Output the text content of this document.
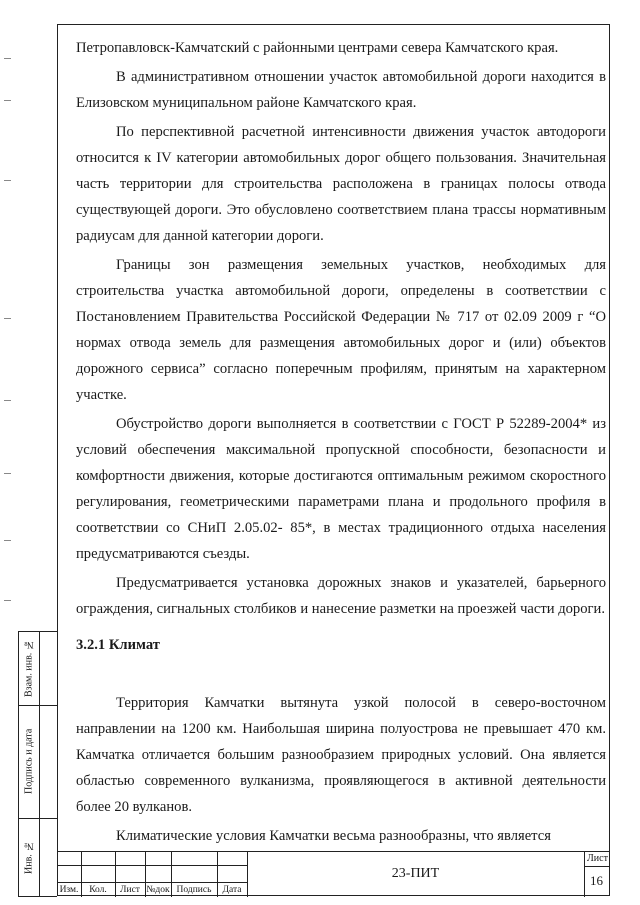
Петропавловск-Камчатский с районными центрами севера Камчатского края.

В административном отношении участок автомобильной дороги находится в Елизовском муниципальном районе Камчатского края.

По перспективной расчетной интенсивности движения участок автодороги относится к IV категории автомобильных дорог общего пользования. Значительная часть территории для строительства расположена в границах полосы отвода существующей дороги. Это обусловлено соответствием плана трассы нормативным радиусам для данной категории дороги.

Границы зон размещения земельных участков, необходимых для строительства участка автомобильной дороги, определены в соответствии с Постановлением Правительства Российской Федерации № 717 от 02.09 2009 г “О нормах отвода земель для размещения автомобильных дорог и (или) объектов дорожного сервиса” согласно поперечным профилям, принятым на характерном участке.

Обустройство дороги выполняется в соответствии с ГОСТ Р 52289-2004* из условий обеспечения максимальной пропускной способности, безопасности и комфортности движения, которые достигаются оптимальным режимом скоростного регулирования, геометрическими параметрами плана и продольного профиля в соответствии со СНиП 2.05.02- 85*, в местах традиционного отдыха населения предусматриваются съезды.

Предусматривается установка дорожных знаков и указателей, барьерного ограждения, сигнальных столбиков и нанесение разметки на проезжей части дороги.

3.2.1 Климат

Территория Камчатки вытянута узкой полосой в северо-восточном направлении на 1200 км. Наибольшая ширина полуострова не превышает 470 км. Камчатка отличается большим разнообразием природных условий. Она является областью современного вулканизма, проявляющегося в активной деятельности более 20 вулканов.

Климатические условия Камчатки весьма разнообразны, что является

Взам. инв. №
Подпись и дата
Инв. №
Изм.	Кол.	Лист №док Подпись	Дата
23-ПИТ
Лист
16
